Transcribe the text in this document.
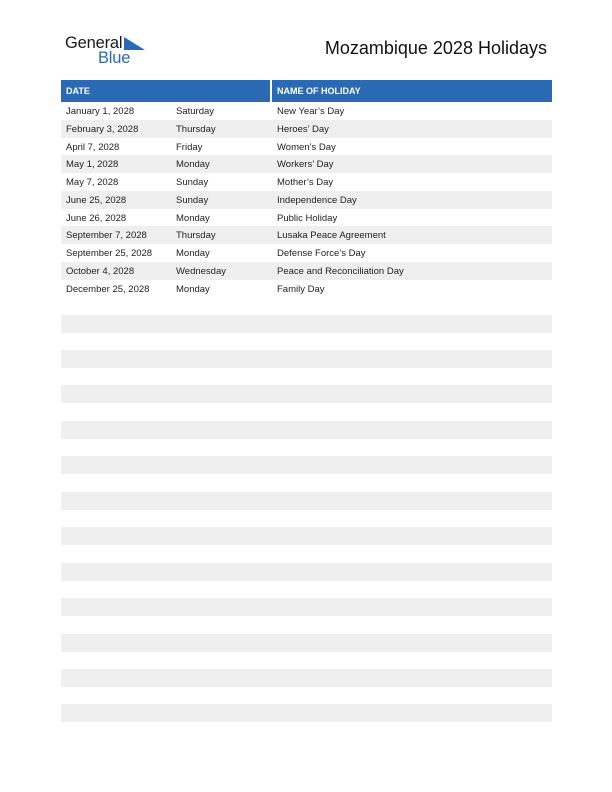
General
Blue	Mozambique 2028 Holidays
DATE	NAME OF HOLIDAY
January 1, 2028	Saturday	New Year’s Day
February 3, 2028	Thursday	Heroes’ Day
April 7, 2028	Friday	Women’s Day
May 1, 2028	Monday	Workers’ Day
May 7, 2028	Sunday	Mother’s Day
June 25, 2028	Sunday	Independence Day
June 26, 2028	Monday	Public Holiday
September 7, 2028	Thursday	Lusaka Peace Agreement
September 25, 2028	Monday	Defense Force’s Day
October 4, 2028	Wednesday	Peace and Reconciliation Day
December 25, 2028	Monday	Family Day
